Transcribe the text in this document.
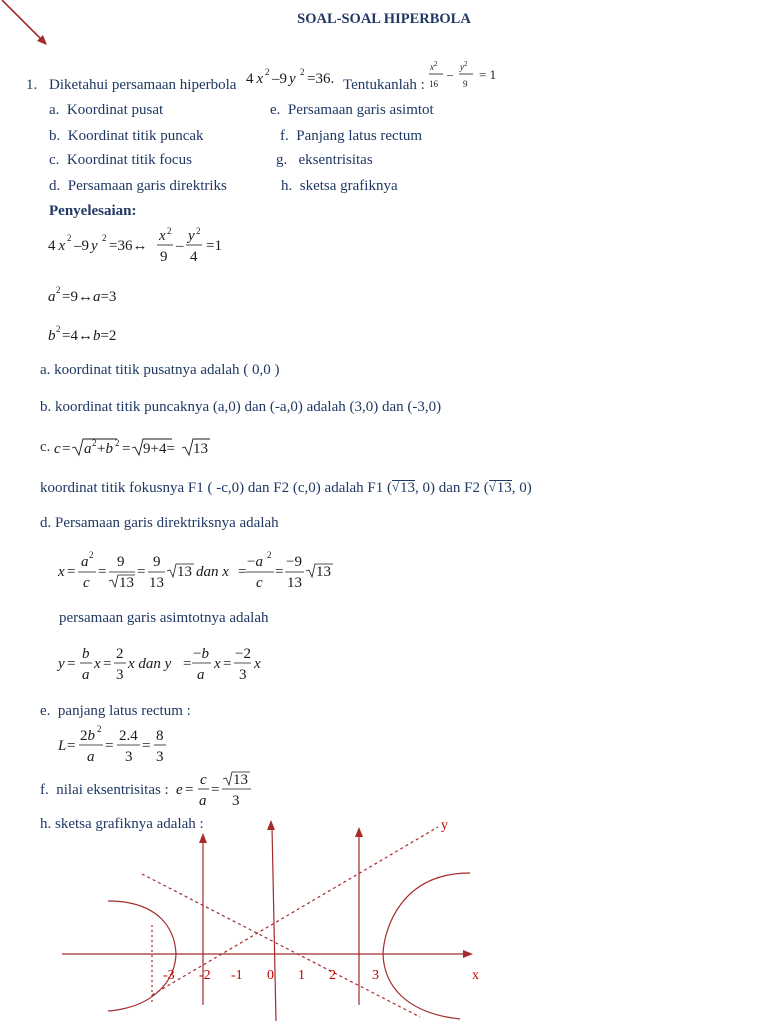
SOAL-SOAL HIPERBOLA
1. Diketahui persamaan hiperbola 4 x 2 –9 y 2 =36. Tentukanlah :
$x^2$
16
– $y^2$
9
= 1
a. Koordinat pusat
b. Koordinat titik puncak
c. Koordinat titik focus
d. Persamaan garis direktriks
e. Persamaan garis asimtot
f. Panjang latus rectum
g. eksentrisitas
h. sketsa grafiknya
Penyelesaian:
4 x 2 –9 y 2 =36↔
x 2
9
–
y 2
4
=1
a 2 =9↔a=3
b 2 =4↔b=2
a. koordinat titik pusatnya adalah ( 0,0 )
b. koordinat titik puncaknya (a,0) dan (-a,0) adalah (3,0) dan (-3,0)
c. c = a 2 +b 2 = 9+4= 13
koordinat titik fokusnya F1 ( -c,0) dan F2 (c,0) adalah F1 ( √ 13, 0) dan F2 ( √ 13, 0)
d. Persamaan garis direktriksnya adalah
x =
a 2
c
=
9
13
=
9
13
13 dan x =
−a 2
c
=
−9
13
13
persamaan garis asimtotnya adalah
y =
b
a
x =
2
3
x dan y =
−b
a
x =
−2
3
x
e. panjang latus rectum :
L =
2b 2
a
=
2.4
3
=
8
3
f. nilai eksentrisitas : e =
c
a
=
13
3
h. sketsa grafiknya adalah :	y
x
-3 -2 -1 0 1 2	3
